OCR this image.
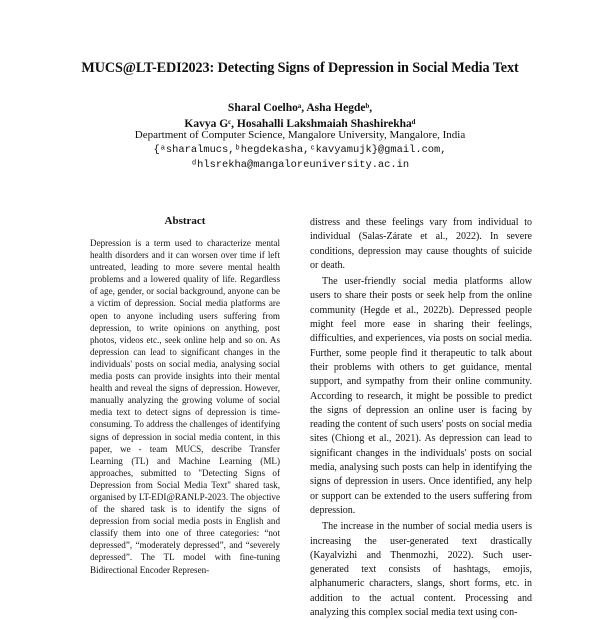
MUCS@LT-EDI2023: Detecting Signs of Depression in Social Media Text
Sharal Coelhoᵃ, Asha Hegdeᵇ,
Kavya Gᶜ, Hosahalli Lakshmaiah Shashirekhaᵈ
Department of Computer Science, Mangalore University, Mangalore, India
{ᵃsharalmucs,ᵇhegdekasha,ᶜkavyamujk}@gmail.com,
ᵈhlsrekha@mangaloreuniversity.ac.in
Abstract
Depression is a term used to characterize mental health disorders and it can worsen over time if left untreated, leading to more severe mental health problems and a lowered quality of life. Regardless of age, gender, or social background, anyone can be a victim of depression. Social media platforms are open to anyone including users suffering from depression, to write opinions on anything, post photos, videos etc., seek online help and so on. As depression can lead to significant changes in the individuals' posts on social media, analysing social media posts can provide insights into their mental health and reveal the signs of depression. However, manually analyzing the growing volume of social media text to detect signs of depression is time-consuming. To address the challenges of identifying signs of depression in social media content, in this paper, we - team MUCS, describe Transfer Learning (TL) and Machine Learning (ML) approaches, submitted to "Detecting Signs of Depression from Social Media Text" shared task, organised by LT-EDI@RANLP-2023. The objective of the shared task is to identify the signs of depression from social media posts in English and classify them into one of three categories: “not depressed”, “moderately depressed”, and “severely depressed”. The TL model with fine-tuning Bidirectional Encoder Represen-

distress and these feelings vary from individual to individual (Salas-Zárate et al., 2022). In severe conditions, depression may cause thoughts of suicide or death.

The user-friendly social media platforms allow users to share their posts or seek help from the online community (Hegde et al., 2022b). Depressed people might feel more ease in sharing their feelings, difficulties, and experiences, via posts on social media. Further, some people find it therapeutic to talk about their problems with others to get guidance, mental support, and sympathy from their online community. According to research, it might be possible to predict the signs of depression an online user is facing by reading the content of such users' posts on social media sites (Chiong et al., 2021). As depression can lead to significant changes in the individuals' posts on social media, analysing such posts can help in identifying the signs of depression in users. Once identified, any help or support can be extended to the users suffering from depression.

The increase in the number of social media users is increasing the user-generated text drastically (Kayalvizhi and Thenmozhi, 2022). Such user-generated text consists of hashtags, emojis, alphanumeric characters, slangs, short forms, etc. in addition to the actual content. Processing and analyzing this complex social media text using con-
